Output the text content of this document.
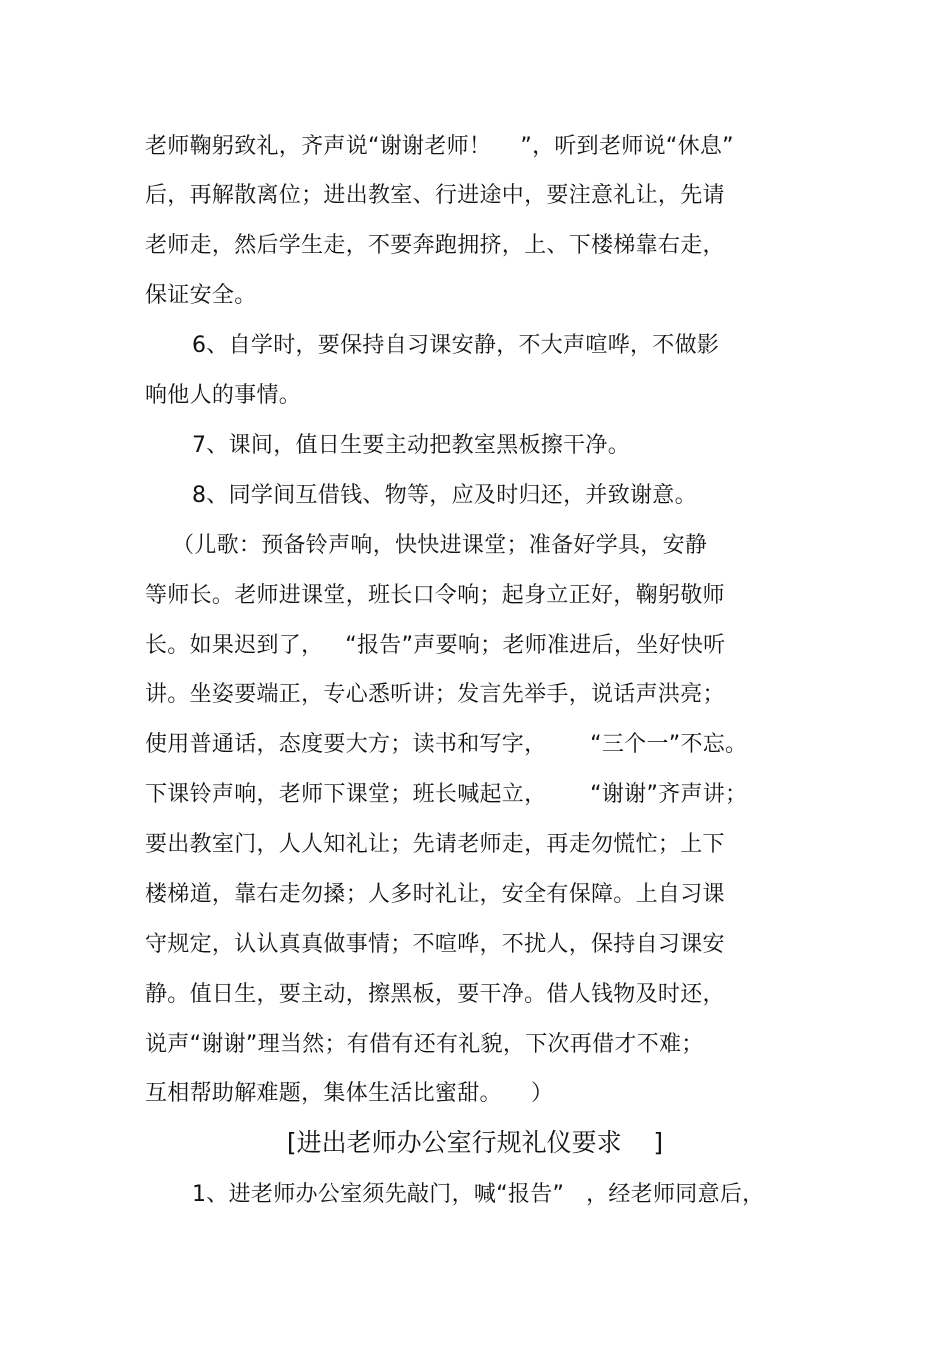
老师鞠躬致礼，齐声说“谢谢老师！    ”，听到老师说“休息”
后，再解散离位；进出教室、行进途中，要注意礼让，先请
老师走，然后学生走，不要奔跑拥挤，上、下楼梯靠右走，
保证安全。
6、自学时，要保持自习课安静，不大声喧哗，不做影
响他人的事情。
7、课间，值日生要主动把教室黑板擦干净。
8、同学间互借钱、物等，应及时归还，并致谢意。
（儿歌：预备铃声响，快快进课堂；准备好学具，安静
等师长。老师进课堂，班长口令响；起身立正好，鞠躬敬师
长。如果迟到了，   “报告”声要响；老师准进后，坐好快听
讲。坐姿要端正，专心悉听讲；发言先举手，说话声洪亮；
使用普通话，态度要大方；读书和写字，      “三个一”不忘。
下课铃声响，老师下课堂；班长喊起立，      “谢谢”齐声讲；
要出教室门，人人知礼让；先请老师走，再走勿慌忙；上下
楼梯道，靠右走勿搡；人多时礼让，安全有保障。上自习课
守规定，认认真真做事情；不喧哗，不扰人，保持自习课安
静。值日生，要主动，擦黑板，要干净。借人钱物及时还，
说声“谢谢”理当然；有借有还有礼貌，下次再借才不难；
互相帮助解难题，集体生活比蜜甜。    ）
[进出老师办公室行规礼仪要求    ]
1、进老师办公室须先敲门，喊“报告”   ，经老师同意后，
